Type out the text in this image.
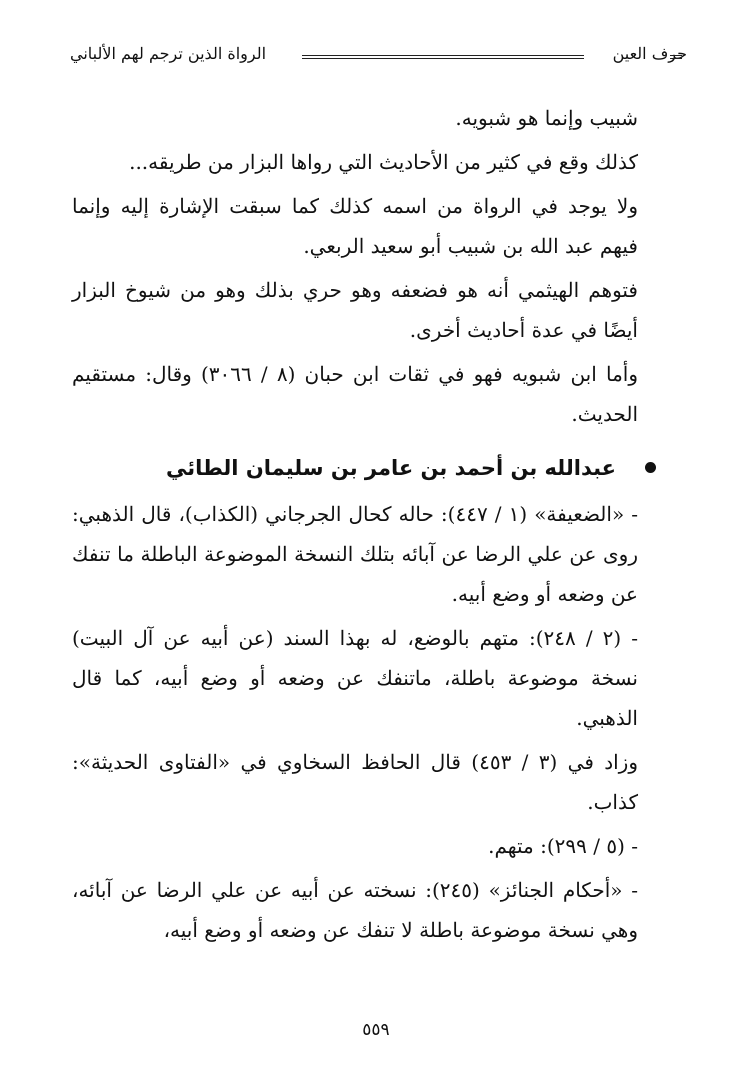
حرف العين
الرواة الذين ترجم لهم الألباني

شبيب وإنما هو شبويه.

كذلك وقع في كثير من الأحاديث التي رواها البزار من طريقه...

ولا يوجد في الرواة من اسمه كذلك كما سبقت الإشارة إليه وإنما فيهم عبد الله بن شبيب أبو سعيد الربعي.

فتوهم الهيثمي أنه هو فضعفه وهو حري بذلك وهو من شيوخ البزار أيضًا في عدة أحاديث أخرى.

وأما ابن شبويه فهو في ثقات ابن حبان (٨ / ٣٠٦٦) وقال: مستقيم الحديث.

عبدالله بن أحمد بن عامر بن سليمان الطائي

- «الضعيفة» (١ / ٤٤٧): حاله كحال الجرجاني (الكذاب)، قال الذهبي: روى عن علي الرضا عن آبائه بتلك النسخة الموضوعة الباطلة ما تنفك عن وضعه أو وضع أبيه.

- (٢ / ٢٤٨): متهم بالوضع، له بهذا السند (عن أبيه عن آل البيت) نسخة موضوعة باطلة، ماتنفك عن وضعه أو وضع أبيه، كما قال الذهبي.

وزاد في (٣ / ٤٥٣) قال الحافظ السخاوي في «الفتاوى الحديثة»: كذاب.

- (٥ / ٢٩٩): متهم.

- «أحكام الجنائز» (٢٤٥): نسخته عن أبيه عن علي الرضا عن آبائه، وهي نسخة موضوعة باطلة لا تنفك عن وضعه أو وضع أبيه،

٥٥٩
